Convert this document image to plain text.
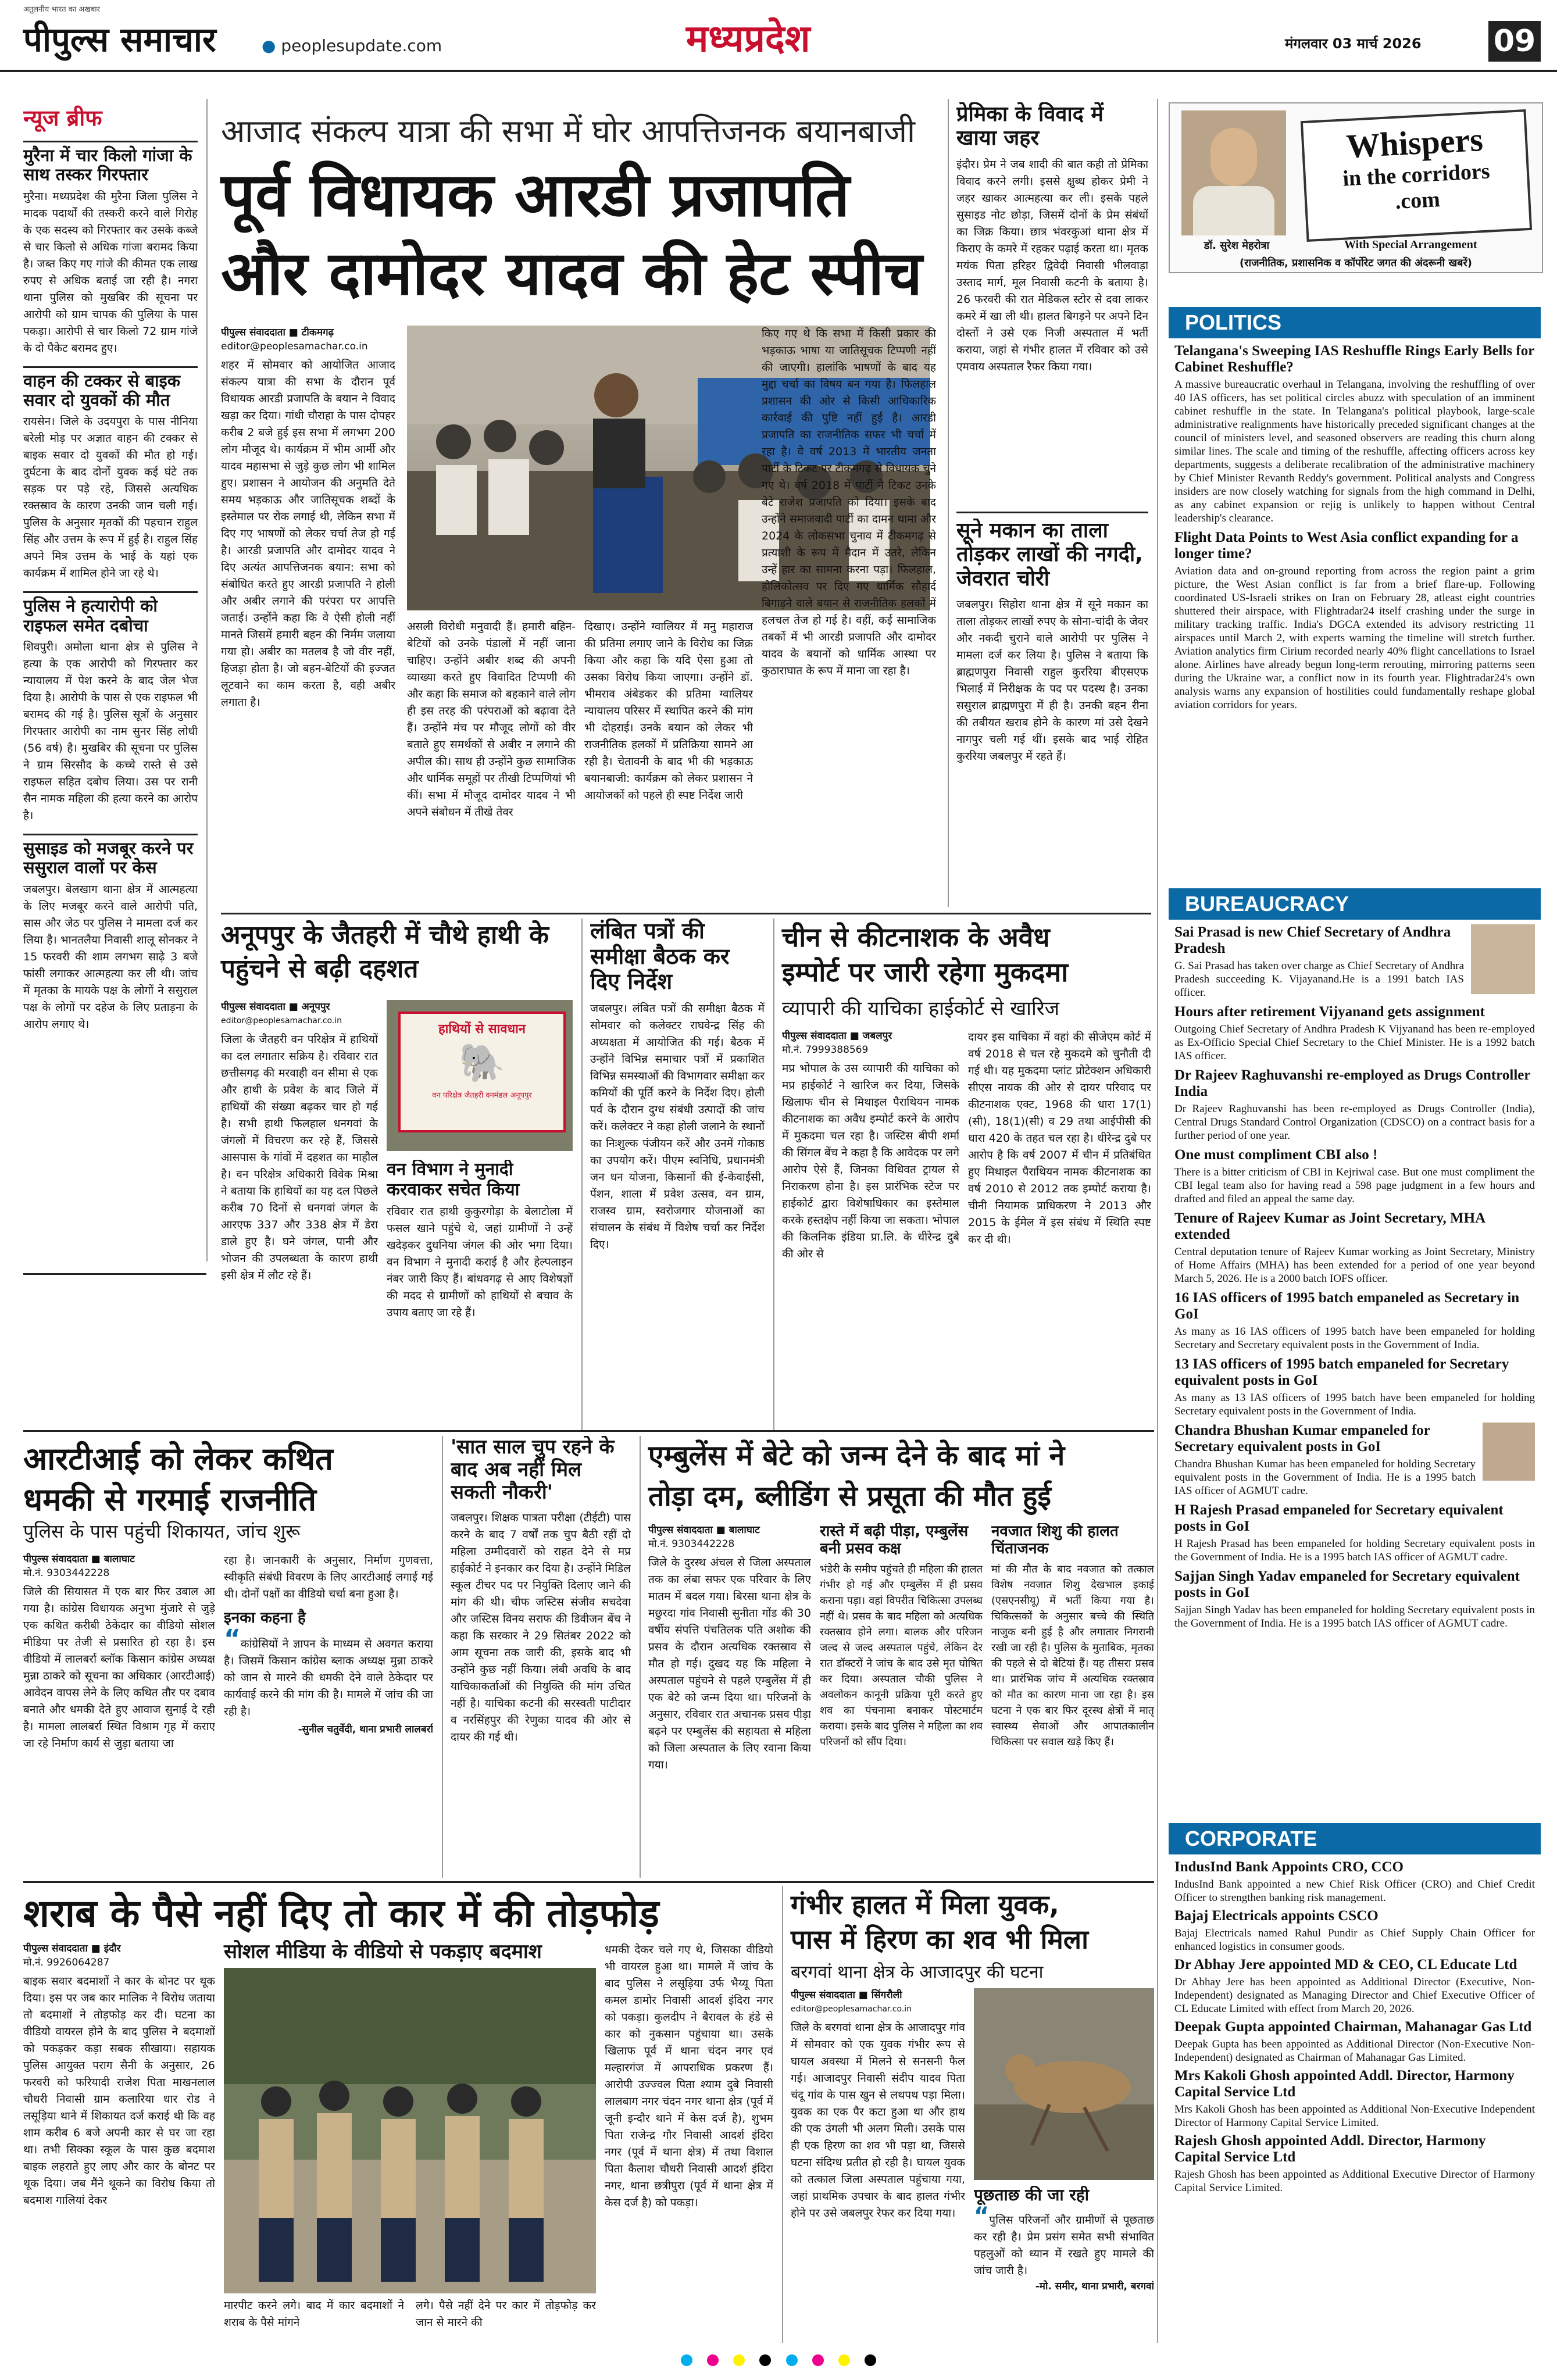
अतुलनीय भारत का अखबार
पीपुल्स समाचार	● peoplesupdate.com	मध्यप्रदेश	मंगलवार 03 मार्च 2026 09
न्यूज ब्रीफ
मुरैना में चार किलो गांजा के साथ तस्कर गिरफ्तार
मुरैना। मध्यप्रदेश की मुरैना जिला पुलिस ने मादक पदार्थों की तस्करी करने वाले गिरोह के एक सदस्य को गिरफ्तार कर उसके कब्जे से चार किलो से अधिक गांजा बरामद किया है। जब्त किए गए गांजे की कीमत एक लाख रुपए से अधिक बताई जा रही है। नगरा थाना पुलिस को मुखबिर की सूचना पर आरोपी को ग्राम चापक की पुलिया के पास पकड़ा। आरोपी से चार किलो 72 ग्राम गांजे के दो पैकेट बरामद हुए।
वाहन की टक्कर से बाइक सवार दो युवकों की मौत
रायसेन। जिले के उदयपुरा के पास नीनिया बरेली मोड़ पर अज्ञात वाहन की टक्कर से बाइक सवार दो युवकों की मौत हो गई। दुर्घटना के बाद दोनों युवक कई घंटे तक सड़क पर पड़े रहे, जिससे अत्यधिक रक्तस्राव के कारण उनकी जान चली गई। पुलिस के अनुसार मृतकों की पहचान राहुल सिंह और उत्तम के रूप में हुई है। राहुल सिंह अपने मित्र उत्तम के भाई के यहां एक कार्यक्रम में शामिल होने जा रहे थे।
पुलिस ने हत्यारोपी को राइफल समेत दबोचा
शिवपुरी। अमोला थाना क्षेत्र से पुलिस ने हत्या के एक आरोपी को गिरफ्तार कर न्यायालय में पेश करने के बाद जेल भेज दिया है। आरोपी के पास से एक राइफल भी बरामद की गई है। पुलिस सूत्रों के अनुसार गिरफ्तार आरोपी का नाम सुनर सिंह लोधी (56 वर्ष) है। मुखबिर की सूचना पर पुलिस ने ग्राम सिरसौद के कच्चे रास्ते से उसे राइफल सहित दबोच लिया। उस पर रानी सैन नामक महिला की हत्या करने का आरोप है।
सुसाइड को मजबूर करने पर ससुराल वालों पर केस
जबलपुर। बेलखाग थाना क्षेत्र में आत्महत्या के लिए मजबूर करने वाले आरोपी पति, सास और जेठ पर पुलिस ने मामला दर्ज कर लिया है। भानतलैया निवासी शालू सोनकर ने 15 फरवरी की शाम लगभग साढ़े 3 बजे फांसी लगाकर आत्महत्या कर ली थी। जांच में मृतका के मायके पक्ष के लोगों ने ससुराल पक्ष के लोगों पर दहेज के लिए प्रताड़ना के आरोप लगाए थे।
आजाद संकल्प यात्रा की सभा में घोर आपत्तिजनक बयानबाजी
पूर्व विधायक आरडी प्रजापति
और दामोदर यादव की हेट स्पीच
पीपुल्स संवाददाता ■ टीकमगढ़
editor@peoplesamachar.co.in
शहर में सोमवार को आयोजित आजाद संकल्प यात्रा की सभा के दौरान पूर्व विधायक आरडी प्रजापति के बयान ने विवाद खड़ा कर दिया। गांधी चौराहा के पास दोपहर करीब 2 बजे हुई इस सभा में लगभग 200 लोग मौजूद थे। कार्यक्रम में भीम आर्मी और यादव महासभा से जुड़े कुछ लोग भी शामिल हुए। प्रशासन ने आयोजन की अनुमति देते समय भड़काऊ और जातिसूचक शब्दों के इस्तेमाल पर रोक लगाई थी, लेकिन सभा में दिए गए भाषणों को लेकर चर्चा तेज हो गई है। आरडी प्रजापति और दामोदर यादव ने दिए अत्यंत आपत्तिजनक बयान: सभा को संबोधित करते हुए आरडी प्रजापति ने होली और अबीर लगाने की परंपरा पर आपत्ति जताई। उन्होंने कहा कि वे ऐसी होली नहीं मानते जिसमें हमारी बहन की निर्मम जलाया गया हो। अबीर का मतलब है जो वीर नहीं, हिजड़ा होता है। जो बहन-बेटियों की इज्जत लूटवाने का काम करता है, वही अबीर लगाता है।
असली विरोधी मनुवादी हैं। हमारी बहिन-बेटियों को उनके पंडालों में नहीं जाना चाहिए। उन्होंने अबीर शब्द की अपनी व्याख्या करते हुए विवादित टिप्पणी की और कहा कि समाज को बहकाने वाले लोग ही इस तरह की परंपराओं को बढ़ावा देते हैं। उन्होंने मंच पर मौजूद लोगों को वीर बताते हुए समर्थकों से अबीर न लगाने की अपील की। साथ ही उन्होंने कुछ सामाजिक और धार्मिक समूहों पर तीखी टिप्पणियां भी कीं। सभा में मौजूद दामोदर यादव ने भी अपने संबोधन में तीखे तेवर
दिखाए। उन्होंने ग्वालियर में मनु महाराज की प्रतिमा लगाए जाने के विरोध का जिक्र किया और कहा कि यदि ऐसा हुआ तो उसका विरोध किया जाएगा। उन्होंने डॉ. भीमराव अंबेडकर की प्रतिमा ग्वालियर न्यायालय परिसर में स्थापित करने की मांग भी दोहराई। उनके बयान को लेकर भी राजनीतिक हलकों में प्रतिक्रिया सामने आ रही है। चेतावनी के बाद भी की भड़काऊ बयानबाजी: कार्यक्रम को लेकर प्रशासन ने आयोजकों को पहले ही स्पष्ट निर्देश जारी
किए गए थे कि सभा में किसी प्रकार की भड़काऊ भाषा या जातिसूचक टिप्पणी नहीं की जाएगी। हालांकि भाषणों के बाद यह मुद्दा चर्चा का विषय बन गया है। फिलहाल प्रशासन की ओर से किसी आधिकारिक कार्रवाई की पुष्टि नहीं हुई है। आरडी प्रजापति का राजनीतिक सफर भी चर्चा में रहा है। वे वर्ष 2013 में भारतीय जनता पार्टी के टिकट पर टीकमगढ़ से विधायक चुने गए थे। वर्ष 2018 में पार्टी ने टिकट उनके बेटे राजेश प्रजापति को दिया। इसके बाद उन्होंने समाजवादी पार्टी का दामन थामा और 2024 के लोकसभा चुनाव में टीकमगढ़ से प्रत्याशी के रूप में मैदान में उतरे, लेकिन उन्हें हार का सामना करना पड़ा। फिलहाल, होलिकोत्सव पर दिए गए धार्मिक सौहार्द बिगाड़ने वाले बयान से राजनीतिक हलकों में हलचल तेज हो गई है। वहीं, कई सामाजिक तबकों में भी आरडी प्रजापति और दामोदर यादव के बयानों को धार्मिक आस्था पर कुठाराघात के रूप में माना जा रहा है।
प्रेमिका के विवाद में खाया जहर
इंदौर। प्रेम ने जब शादी की बात कही तो प्रेमिका विवाद करने लगी। इससे क्षुब्ध होकर प्रेमी ने जहर खाकर आत्महत्या कर ली। इसके पहले सुसाइड नोट छोड़ा, जिसमें दोनों के प्रेम संबंधों का जिक्र किया। छात्र भंवरकुआं थाना क्षेत्र में किराए के कमरे में रहकर पढ़ाई करता था। मृतक मयंक पिता हरिहर द्विवेदी निवासी भीलवाड़ा उस्ताद मार्ग, मूल निवासी कटनी के बताया है। 26 फरवरी की रात मेडिकल स्टोर से दवा लाकर कमरे में खा ली थी। हालत बिगड़ने पर अपने दिन दोस्तों ने उसे एक निजी अस्पताल में भर्ती कराया, जहां से गंभीर हालत में रविवार को उसे एमवाय अस्पताल रैफर किया गया।
सूने मकान का ताला तोड़कर लाखों की नगदी, जेवरात चोरी
जबलपुर। सिहोरा थाना क्षेत्र में सूने मकान का ताला तोड़कर लाखों रुपए के सोना-चांदी के जेवर और नकदी चुराने वाले आरोपी पर पुलिस ने मामला दर्ज कर लिया है। पुलिस ने बताया कि ब्राह्मणपुरा निवासी राहुल कुररिया बीएसएफ भिलाई में निरीक्षक के पद पर पदस्थ है। उनका ससुराल ब्राह्मणपुरा में ही है। उनकी बहन रीना की तबीयत खराब होने के कारण मां उसे देखने नागपुर चली गई थीं। इसके बाद भाई रोहित कुररिया जबलपुर में रहते हैं।
अनूपपुर के जैतहरी में चौथे हाथी के पहुंचने से बढ़ी दहशत
पीपुल्स संवाददाता ■ अनूपपुर
editor@peoplesamachar.co.in
जिला के जैतहरी वन परिक्षेत्र में हाथियों का दल लगातार सक्रिय है। रविवार रात छत्तीसगढ़ की मरवाही वन सीमा से एक और हाथी के प्रवेश के बाद जिले में हाथियों की संख्या बढ़कर चार हो गई है। सभी हाथी फिलहाल धनगवां के जंगलों में विचरण कर रहे हैं, जिससे आसपास के गांवों में दहशत का माहौल है। वन परिक्षेत्र अधिकारी विवेक मिश्रा ने बताया कि हाथियों का यह दल पिछले करीब 70 दिनों से धनगवां जंगल के आरएफ 337 और 338 क्षेत्र में डेरा डाले हुए है। घने जंगल, पानी और भोजन की उपलब्धता के कारण हाथी इसी क्षेत्र में लौट रहे हैं।
हाथियों से सावधान
🐘
वन परिक्षेत्र जैतहरी वनमंडल अनूपपुर
वन विभाग ने मुनादी करवाकर सचेत किया
रविवार रात हाथी कुकुरगोड़ा के बेलाटोला में फसल खाने पहुंचे थे, जहां ग्रामीणों ने उन्हें खदेड़कर दुधनिया जंगल की ओर भगा दिया। वन विभाग ने मुनादी कराई है और हेल्पलाइन नंबर जारी किए हैं। बांधवगढ़ से आए विशेषज्ञों की मदद से ग्रामीणों को हाथियों से बचाव के उपाय बताए जा रहे हैं।
लंबित पत्रों की समीक्षा बैठक कर दिए निर्देश
जबलपुर। लंबित पत्रों की समीक्षा बैठक में सोमवार को कलेक्टर राघवेन्द्र सिंह की अध्यक्षता में आयोजित की गई। बैठक में उन्होंने विभिन्न समाचार पत्रों में प्रकाशित विभिन्न समस्याओं की विभागवार समीक्षा कर कमियों की पूर्ति करने के निर्देश दिए। होली पर्व के दौरान दुग्ध संबंधी उत्पादों की जांच करें। कलेक्टर ने कहा होली जलाने के स्थानों का निःशुल्क पंजीयन करें और उनमें गोकाष्ठ का उपयोग करें। पीएम स्वनिधि, प्रधानमंत्री जन धन योजना, किसानों की ई-केवाईसी, पेंशन, शाला में प्रवेश उत्सव, वन ग्राम, राजस्व ग्राम, स्वरोजगार योजनाओं का संचालन के संबंध में विशेष चर्चा कर निर्देश दिए।
चीन से कीटनाशक के अवैध
इम्पोर्ट पर जारी रहेगा मुकदमा
व्यापारी की याचिका हाईकोर्ट से खारिज
पीपुल्स संवाददाता ■ जबलपुर
मो.नं. 7999388569
मप्र भोपाल के उस व्यापारी की याचिका को मप्र हाईकोर्ट ने खारिज कर दिया, जिसके खिलाफ चीन से मिथाइल पैराथियन नामक कीटनाशक का अवैध इम्पोर्ट करने के आरोप में मुकदमा चल रहा है। जस्टिस बीपी शर्मा की सिंगल बेंच ने कहा है कि आवेदक पर लगे आरोप ऐसे हैं, जिनका विधिवत ट्रायल से निराकरण होना है। इस प्रारंभिक स्टेज पर हाईकोर्ट द्वारा विशेषाधिकार का इस्तेमाल करके हस्तक्षेप नहीं किया जा सकता। भोपाल की किलनिक इंडिया प्रा.लि. के धीरेन्द्र दुबे की ओर से
दायर इस याचिका में वहां की सीजेएम कोर्ट में वर्ष 2018 से चल रहे मुकदमे को चुनौती दी गई थी। यह मुकदमा प्लांट प्रोटेक्शन अधिकारी सीएस नायक की ओर से दायर परिवाद पर कीटनाशक एक्ट, 1968 की धारा 17(1)(सी), 18(1)(सी) व 29 तथा आईपीसी की धारा 420 के तहत चल रहा है। धीरेन्द्र दुबे पर आरोप है कि वर्ष 2007 में चीन में प्रतिबंधित हुए मिथाइल पैराथियन नामक कीटनाशक का वर्ष 2010 से 2012 तक इम्पोर्ट कराया है। चीनी नियामक प्राधिकरण ने 2013 और 2015 के ईमेल में इस संबंध में स्थिति स्पष्ट कर दी थी।
आरटीआई को लेकर कथित
धमकी से गरमाई राजनीति
पुलिस के पास पहुंची शिकायत, जांच शुरू
पीपुल्स संवाददाता ■ बालाघाट
मो.नं. 9303442228
जिले की सियासत में एक बार फिर उबाल आ गया है। कांग्रेस विधायक अनुभा मुंजारे से जुड़े एक कथित करीबी ठेकेदार का वीडियो सोशल मीडिया पर तेजी से प्रसारित हो रहा है। इस वीडियो में लालबर्रा ब्लॉक किसान कांग्रेस अध्यक्ष मुन्ना ठाकरे को सूचना का अधिकार (आरटीआई) आवेदन वापस लेने के लिए कथित तौर पर दबाव बनाते और धमकी देते हुए आवाज सुनाई दे रही है। मामला लालबर्रा स्थित विश्राम गृह में कराए जा रहे निर्माण कार्य से जुड़ा बताया जा
रहा है। जानकारी के अनुसार, निर्माण गुणवत्ता, स्वीकृति संबंधी विवरण के लिए आरटीआई लगाई गई थी। दोनों पक्षों का वीडियो चर्चा बना हुआ है।
इनका कहना है
“कांग्रेसियों ने ज्ञापन के माध्यम से अवगत कराया है। जिसमें किसान कांग्रेस ब्लाक अध्यक्ष मुन्ना ठाकरे को जान से मारने की धमकी देने वाले ठेकेदार पर कार्यवाई करने की मांग की है। मामले में जांच की जा रही है।
-सुनील चतुर्वेदी, थाना प्रभारी लालबर्रा
'सात साल चुप रहने के बाद अब नहीं मिल सकती नौकरी'
जबलपुर। शिक्षक पात्रता परीक्षा (टीईटी) पास करने के बाद 7 वर्षों तक चुप बैठी रहीं दो महिला उम्मीदवारों को राहत देने से मप्र हाईकोर्ट ने इनकार कर दिया है। उन्होंने मिडिल स्कूल टीचर पद पर नियुक्ति दिलाए जाने की मांग की थी। चीफ जस्टिस संजीव सचदेवा और जस्टिस विनय सराफ की डिवीजन बेंच ने कहा कि सरकार ने 29 सितंबर 2022 को आम सूचना तक जारी की, इसके बाद भी उन्होंने कुछ नहीं किया। लंबी अवधि के बाद याचिकाकर्ताओं की नियुक्ति की मांग उचित नहीं है। याचिका कटनी की सरस्वती पाटीदार व नरसिंहपुर की रेणुका यादव की ओर से दायर की गई थी।
एम्बुलेंस में बेटे को जन्म देने के बाद मां ने
तोड़ा दम, ब्लीडिंग से प्रसूता की मौत हुई
पीपुल्स संवाददाता ■ बालाघाट
मो.नं. 9303442228
जिले के दुरस्थ अंचल से जिला अस्पताल तक का लंबा सफर एक परिवार के लिए मातम में बदल गया। बिरसा थाना क्षेत्र के मछुरदा गांव निवासी सुनीता गोंड की 30 वर्षीय संपत्ति पंचतिलक पति अशोक की प्रसव के दौरान अत्यधिक रक्तस्राव से मौत हो गई। दुखद यह कि महिला ने अस्पताल पहुंचने से पहले एम्बुलेंस में ही एक बेटे को जन्म दिया था। परिजनों के अनुसार, रविवार रात अचानक प्रसव पीड़ा बढ़ने पर एम्बुलेंस की सहायता से महिला को जिला अस्पताल के लिए रवाना किया गया।
रास्ते में बढ़ी पीड़ा, एम्बुलेंस बनी प्रसव कक्ष
भंडेरी के समीप पहुंचते ही महिला की हालत गंभीर हो गई और एम्बुलेंस में ही प्रसव कराना पड़ा। वहां विपरीत चिकित्सा उपलब्ध नहीं थे। प्रसव के बाद महिला को अत्यधिक रक्तस्राव होने लगा। बालक और परिजन जल्द से जल्द अस्पताल पहुंचे, लेकिन देर रात डॉक्टरों ने जांच के बाद उसे मृत घोषित कर दिया। अस्पताल चौकी पुलिस ने अवलोकन कानूनी प्रक्रिया पूरी करते हुए शव का पंचनामा बनाकर पोस्टमार्टम कराया। इसके बाद पुलिस ने महिला का शव परिजनों को सौंप दिया।
नवजात शिशु की हालत चिंताजनक
मां की मौत के बाद नवजात को तत्काल विशेष नवजात शिशु देखभाल इकाई (एसएनसीयू) में भर्ती किया गया है। चिकित्सकों के अनुसार बच्चे की स्थिति नाजुक बनी हुई है और लगातार निगरानी रखी जा रही है। पुलिस के मुताबिक, मृतका की पहले से दो बेटियां हैं। यह तीसरा प्रसव था। प्रारंभिक जांच में अत्यधिक रक्तस्राव को मौत का कारण माना जा रहा है। इस घटना ने एक बार फिर दूरस्थ क्षेत्रों में मातृ स्वास्थ्य सेवाओं और आपातकालीन चिकित्सा पर सवाल खड़े किए हैं।
शराब के पैसे नहीं दिए तो कार में की तोड़फोड़
पीपुल्स संवाददाता ■ इंदौर
मो.नं. 9926064287
बाइक सवार बदमाशों ने कार के बोनट पर थूक दिया। इस पर जब कार मालिक ने विरोध जताया तो बदमाशों ने तोड़फोड़ कर दी। घटना का वीडियो वायरल होने के बाद पुलिस ने बदमाशों को पकड़कर कड़ा सबक सीखाया। सहायक पुलिस आयुक्त पराग सैनी के अनुसार, 26 फरवरी को फरियादी राजेश पिता माखनलाल चौधरी निवासी ग्राम कलारिया धार रोड ने लसूड़िया थाने में शिकायत दर्ज कराई थी कि वह शाम करीब 6 बजे अपनी कार से घर जा रहा था। तभी सिक्का स्कूल के पास कुछ बदमाश बाइक लहराते हुए लाए और कार के बोनट पर थूक दिया। जब मैंने थूकने का विरोध किया तो बदमाश गालियां देकर
सोशल मीडिया के वीडियो से पकड़ाए बदमाश
मारपीट करने लगे। बाद में कार बदमाशों ने शराब के पैसे मांगने
लगे। पैसे नहीं देने पर कार में तोड़फोड़ कर जान से मारने की
धमकी देकर चले गए थे, जिसका वीडियो भी वायरल हुआ था। मामले में जांच के बाद पुलिस ने लसूड़िया उर्फ भैय्यू पिता कमल डामोर निवासी आदर्श इंदिरा नगर को पकड़ा। कुलदीप ने बैरावल के हंडे से कार को नुकसान पहुंचाया था। उसके खिलाफ पूर्व में थाना चंदन नगर एवं मल्हारगंज में आपराधिक प्रकरण हैं। आरोपी उज्ज्वल पिता श्याम दुबे निवासी लालबाग नगर चंदन नगर थाना क्षेत्र (पूर्व में जूनी इन्दौर थाने में केस दर्ज है), शुभम पिता राजेन्द्र गौर निवासी आदर्श इंदिरा नगर (पूर्व में थाना क्षेत्र) में तथा विशाल पिता कैलाश चौधरी निवासी आदर्श इंदिरा नगर, थाना छत्रीपुरा (पूर्व में थाना क्षेत्र में केस दर्ज है) को पकड़ा।
गंभीर हालत में मिला युवक,
पास में हिरण का शव भी मिला
बरगवां थाना क्षेत्र के आजादपुर की घटना
पीपुल्स संवाददाता ■ सिंगरौली
editor@peoplesamachar.co.in
जिले के बरगवां थाना क्षेत्र के आजादपुर गांव में सोमवार को एक युवक गंभीर रूप से घायल अवस्था में मिलने से सनसनी फैल गई। आजादपुर निवासी संदीप यादव पिता चंदू गांव के पास खुन से लथपथ पड़ा मिला। युवक का एक पैर कटा हुआ था और हाथ की एक उंगली भी अलग मिली। उसके पास ही एक हिरण का शव भी पड़ा था, जिससे घटना संदिग्ध प्रतीत हो रही है। घायल युवक को तत्काल जिला अस्पताल पहुंचाया गया, जहां प्राथमिक उपचार के बाद हालत गंभीर होने पर उसे जबलपुर रेफर कर दिया गया।
पूछताछ की जा रही
“पुलिस परिजनों और ग्रामीणों से पूछताछ कर रही है। प्रेम प्रसंग समेत सभी संभावित पहलुओं को ध्यान में रखते हुए मामले की जांच जारी है।
-मो. समीर, थाना प्रभारी, बरगवां
Whispers
in the corridors
.com
डॉ. सुरेश मेहरोत्रा	With Special Arrangement
(राजनीतिक, प्रशासनिक व कॉर्पोरेट जगत की अंदरूनी खबरें)
POLITICS
Telangana's Sweeping IAS Reshuffle Rings Early Bells for Cabinet Reshuffle?
A massive bureaucratic overhaul in Telangana, involving the reshuffling of over 40 IAS officers, has set political circles abuzz with speculation of an imminent cabinet reshuffle in the state. In Telangana's political playbook, large-scale administrative realignments have historically preceded significant changes at the council of ministers level, and seasoned observers are reading this churn along similar lines. The scale and timing of the reshuffle, affecting officers across key departments, suggests a deliberate recalibration of the administrative machinery by Chief Minister Revanth Reddy's government. Political analysts and Congress insiders are now closely watching for signals from the high command in Delhi, as any cabinet expansion or rejig is unlikely to happen without Central leadership's clearance.
Flight Data Points to West Asia conflict expanding for a longer time?
Aviation data and on-ground reporting from across the region paint a grim picture, the West Asian conflict is far from a brief flare-up. Following coordinated US-Israeli strikes on Iran on February 28, atleast eight countries shuttered their airspace, with Flightradar24 itself crashing under the surge in military tracking traffic. India's DGCA extended its advisory restricting 11 airspaces until March 2, with experts warning the timeline will stretch further. Aviation analytics firm Cirium recorded nearly 40% flight cancellations to Israel alone. Airlines have already begun long-term rerouting, mirroring patterns seen during the Ukraine war, a conflict now in its fourth year. Flightradar24's own analysis warns any expansion of hostilities could fundamentally reshape global aviation corridors for years.
BUREAUCRACY
Sai Prasad is new Chief Secretary of Andhra Pradesh
G. Sai Prasad has taken over charge as Chief Secretary of Andhra Pradesh succeeding K. Vijayanand.He is a 1991 batch IAS officer.
Hours after retirement Vijyanand gets assignment
Outgoing Chief Secretary of Andhra Pradesh K Vijyanand has been re-employed as Ex-Officio Special Chief Secretary to the Chief Minister. He is a 1992 batch IAS officer.
Dr Rajeev Raghuvanshi re-employed as Drugs Controller India
Dr Rajeev Raghuvanshi has been re-employed as Drugs Controller (India), Central Drugs Standard Control Organization (CDSCO) on a contract basis for a further period of one year.
One must compliment CBI also !
There is a bitter criticism of CBI in Kejriwal case. But one must compliment the CBI legal team also for having read a 598 page judgment in a few hours and drafted and filed an appeal the same day.
Tenure of Rajeev Kumar as Joint Secretary, MHA extended
Central deputation tenure of Rajeev Kumar working as Joint Secretary, Ministry of Home Affairs (MHA) has been extended for a period of one year beyond March 5, 2026. He is a 2000 batch IOFS officer.
16 IAS officers of 1995 batch empaneled as Secretary in GoI
As many as 16 IAS officers of 1995 batch have been empaneled for holding Secretary and Secretary equivalent posts in the Government of India.
13 IAS officers of 1995 batch empaneled for Secretary equivalent posts in GoI
As many as 13 IAS officers of 1995 batch have been empaneled for holding Secretary equivalent posts in the Government of India.
Chandra Bhushan Kumar empaneled for Secretary equivalent posts in GoI
Chandra Bhushan Kumar has been empaneled for holding Secretary equivalent posts in the Government of India. He is a 1995 batch IAS officer of AGMUT cadre.
H Rajesh Prasad empaneled for Secretary equivalent posts in GoI
H Rajesh Prasad has been empaneled for holding Secretary equivalent posts in the Government of India. He is a 1995 batch IAS officer of AGMUT cadre.
Sajjan Singh Yadav empaneled for Secretary equivalent posts in GoI
Sajjan Singh Yadav has been empaneled for holding Secretary equivalent posts in the Government of India. He is a 1995 batch IAS officer of AGMUT cadre.
CORPORATE
IndusInd Bank Appoints CRO, CCO
IndusInd Bank appointed a new Chief Risk Officer (CRO) and Chief Credit Officer to strengthen banking risk management.
Bajaj Electricals appoints CSCO
Bajaj Electricals named Rahul Pundir as Chief Supply Chain Officer for enhanced logistics in consumer goods.
Dr Abhay Jere appointed MD & CEO, CL Educate Ltd
Dr Abhay Jere has been appointed as Additional Director (Executive, Non-Independent) designated as Managing Director and Chief Executive Officer of CL Educate Limited with effect from March 20, 2026.
Deepak Gupta appointed Chairman, Mahanagar Gas Ltd
Deepak Gupta has been appointed as Additional Director (Non-Executive Non-Independent) designated as Chairman of Mahanagar Gas Limited.
Mrs Kakoli Ghosh appointed Addl. Director, Harmony Capital Service Ltd
Mrs Kakoli Ghosh has been appointed as Additional Non-Executive Independent Director of Harmony Capital Service Limited.
Rajesh Ghosh appointed Addl. Director, Harmony Capital Service Ltd
Rajesh Ghosh has been appointed as Additional Executive Director of Harmony Capital Service Limited.
